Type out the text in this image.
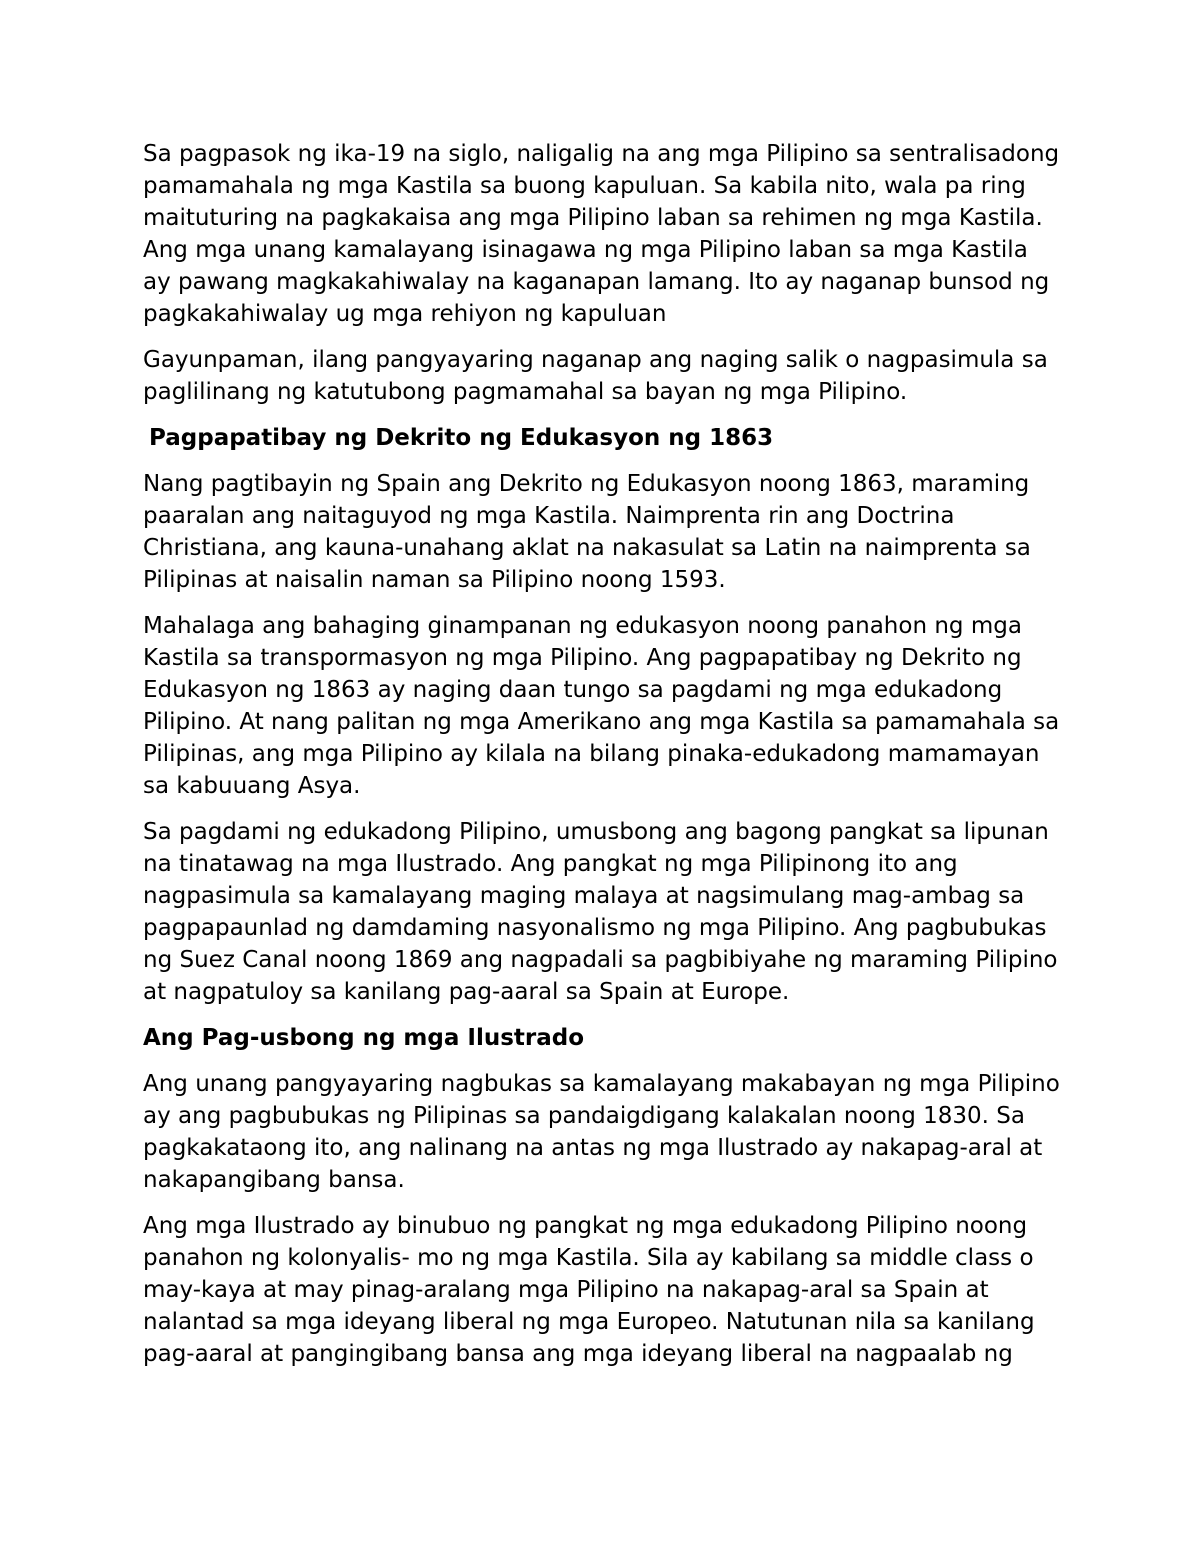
Sa pagpasok ng ika-19 na siglo, naligalig na ang mga Pilipino sa sentralisadong pamamahala ng mga Kastila sa buong kapuluan. Sa kabila nito, wala pa ring maituturing na pagkakaisa ang mga Pilipino laban sa rehimen ng mga Kastila. Ang mga unang kamalayang isinagawa ng mga Pilipino laban sa mga Kastila ay pawang magkakahiwalay na kaganapan lamang. Ito ay naganap bunsod ng pagkakahiwalay ug mga rehiyon ng kapuluan

Gayunpaman, ilang pangyayaring naganap ang naging salik o nagpasimula sa paglilinang ng katutubong pagmamahal sa bayan ng mga Pilipino.

Pagpapatibay ng Dekrito ng Edukasyon ng 1863

Nang pagtibayin ng Spain ang Dekrito ng Edukasyon noong 1863, maraming paaralan ang naitaguyod ng mga Kastila. Naimprenta rin ang Doctrina Christiana, ang kauna-unahang aklat na nakasulat sa Latin na naimprenta sa Pilipinas at naisalin naman sa Pilipino noong 1593.

Mahalaga ang bahaging ginampanan ng edukasyon noong panahon ng mga Kastila sa transpormasyon ng mga Pilipino. Ang pagpapatibay ng Dekrito ng Edukasyon ng 1863 ay naging daan tungo sa pagdami ng mga edukadong Pilipino. At nang palitan ng mga Amerikano ang mga Kastila sa pamamahala sa Pilipinas, ang mga Pilipino ay kilala na bilang pinaka-edukadong mamamayan sa kabuuang Asya.

Sa pagdami ng edukadong Pilipino, umusbong ang bagong pangkat sa lipunan na tinatawag na mga Ilustrado. Ang pangkat ng mga Pilipinong ito ang nagpasimula sa kamalayang maging malaya at nagsimulang mag-ambag sa pagpapaunlad ng damdaming nasyonalismo ng mga Pilipino. Ang pagbubukas ng Suez Canal noong 1869 ang nagpadali sa pagbibiyahe ng maraming Pilipino at nagpatuloy sa kanilang pag-aaral sa Spain at Europe.

Ang Pag-usbong ng mga Ilustrado

Ang unang pangyayaring nagbukas sa kamalayang makabayan ng mga Pilipino ay ang pagbubukas ng Pilipinas sa pandaigdigang kalakalan noong 1830. Sa pagkakataong ito, ang nalinang na antas ng mga Ilustrado ay nakapag-aral at nakapangibang bansa.

Ang mga Ilustrado ay binubuo ng pangkat ng mga edukadong Pilipino noong panahon ng kolonyalis- mo ng mga Kastila. Sila ay kabilang sa middle class o may-kaya at may pinag-aralang mga Pilipino na nakapag-aral sa Spain at nalantad sa mga ideyang liberal ng mga Europeo. Natutunan nila sa kanilang pag-aaral at pangingibang bansa ang mga ideyang liberal na nagpaalab ng
